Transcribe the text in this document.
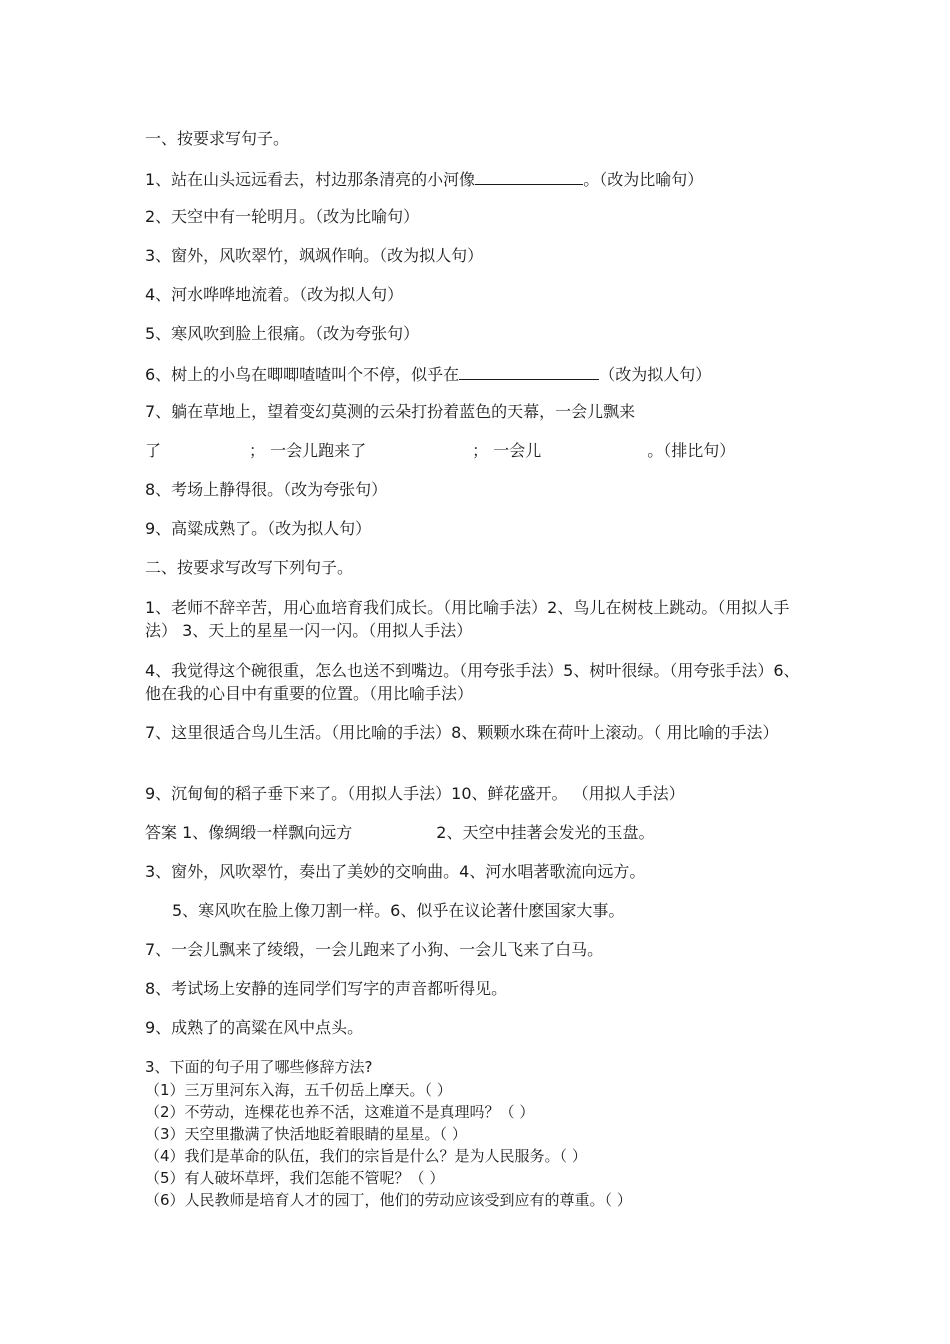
一、按要求写句子。
1、站在山头远远看去，村边那条清亮的小河像	。（改为比喻句）
2、天空中有一轮明月。（改为比喻句）
3、窗外，风吹翠竹，飒飒作响。（改为拟人句）
4、河水哗哗地流着。（改为拟人句）
5、寒风吹到脸上很痛。（改为夸张句）
6、树上的小鸟在唧唧喳喳叫个不停，似乎在	（改为拟人句）
7、躺在草地上，望着变幻莫测的云朵打扮着蓝色的天幕，一会儿飘来
了	； 一会儿跑来了	； 一会儿	。（排比句）
8、考场上静得很。（改为夸张句）
9、高粱成熟了。（改为拟人句）
二、按要求写改写下列句子。
1、老师不辞辛苦，用心血培育我们成长。（用比喻手法）2、鸟儿在树枝上跳动。（用拟人手法） 3、天上的星星一闪一闪。（用拟人手法）
4、我觉得这个碗很重，怎么也送不到嘴边。（用夸张手法）5、树叶很绿。（用夸张手法）6、他在我的心目中有重要的位置。（用比喻手法）
7、这里很适合鸟儿生活。（用比喻的手法）8、颗颗水珠在荷叶上滚动。（ 用比喻的手法）
9、沉甸甸的稻子垂下来了。（用拟人手法）10、鲜花盛开。 （用拟人手法）
答案 1、像绸缎一样飘向远方	2、天空中挂著会发光的玉盘。
3、窗外，风吹翠竹，奏出了美妙的交响曲。4、河水唱著歌流向远方。
5、寒风吹在脸上像刀割一样。6、似乎在议论著什麽国家大事。
7、一会儿飘来了绫缎，一会儿跑来了小狗、一会儿飞来了白马。
8、考试场上安静的连同学们写字的声音都听得见。
9、成熟了的高粱在风中点头。
3、下面的句子用了哪些修辞方法?
（1）三万里河东入海，五千仞岳上摩天。（ ）
（2）不劳动，连棵花也养不活，这难道不是真理吗？（ ）
（3）天空里撒满了快活地眨着眼睛的星星。（ ）
（4）我们是革命的队伍，我们的宗旨是什么？是为人民服务。（ ）
（5）有人破坏草坪，我们怎能不管呢？（ ）
（6）人民教师是培育人才的园丁，他们的劳动应该受到应有的尊重。（ ）
